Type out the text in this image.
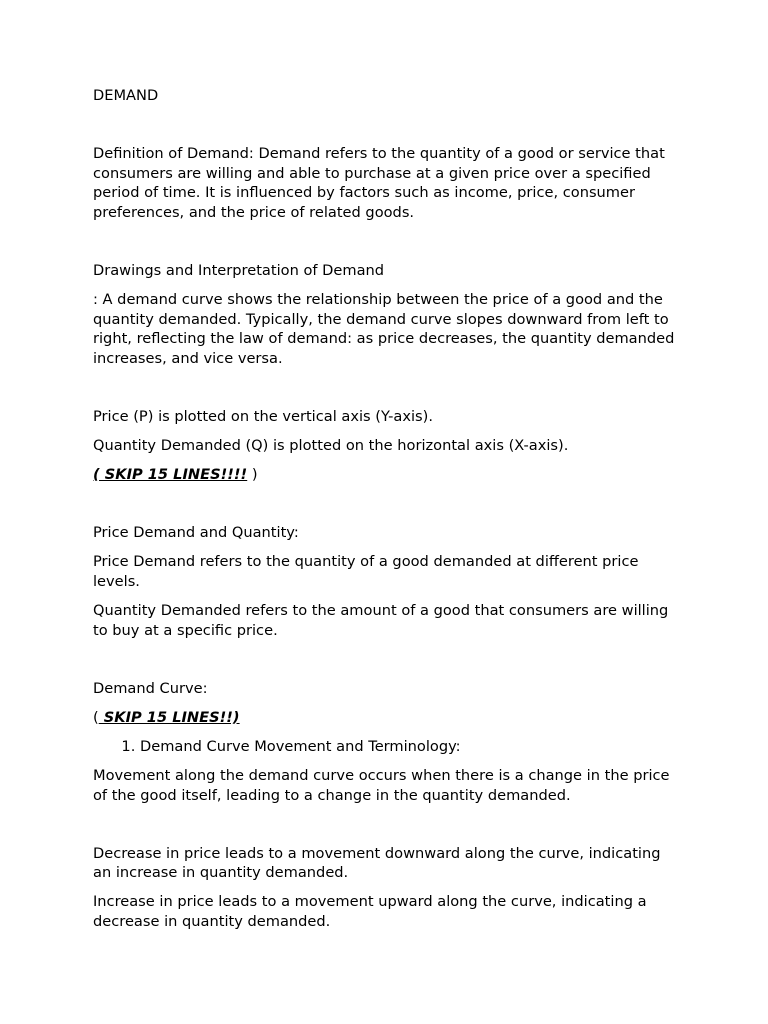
DEMAND

Definition of Demand: Demand refers to the quantity of a good or service that consumers are willing and able to purchase at a given price over a specified period of time. It is influenced by factors such as income, price, consumer preferences, and the price of related goods.

Drawings and Interpretation of Demand

: A demand curve shows the relationship between the price of a good and the quantity demanded. Typically, the demand curve slopes downward from left to right, reflecting the law of demand: as price decreases, the quantity demanded increases, and vice versa.

Price (P) is plotted on the vertical axis (Y-axis).

Quantity Demanded (Q) is plotted on the horizontal axis (X-axis).

( SKIP 15 LINES!!!! )

Price Demand and Quantity:

Price Demand refers to the quantity of a good demanded at different price levels.

Quantity Demanded refers to the amount of a good that consumers are willing to buy at a specific price.

Demand Curve:

( SKIP 15 LINES!!)

1. Demand Curve Movement and Terminology:

Movement along the demand curve occurs when there is a change in the price of the good itself, leading to a change in the quantity demanded.

Decrease in price leads to a movement downward along the curve, indicating an increase in quantity demanded.

Increase in price leads to a movement upward along the curve, indicating a decrease in quantity demanded.
